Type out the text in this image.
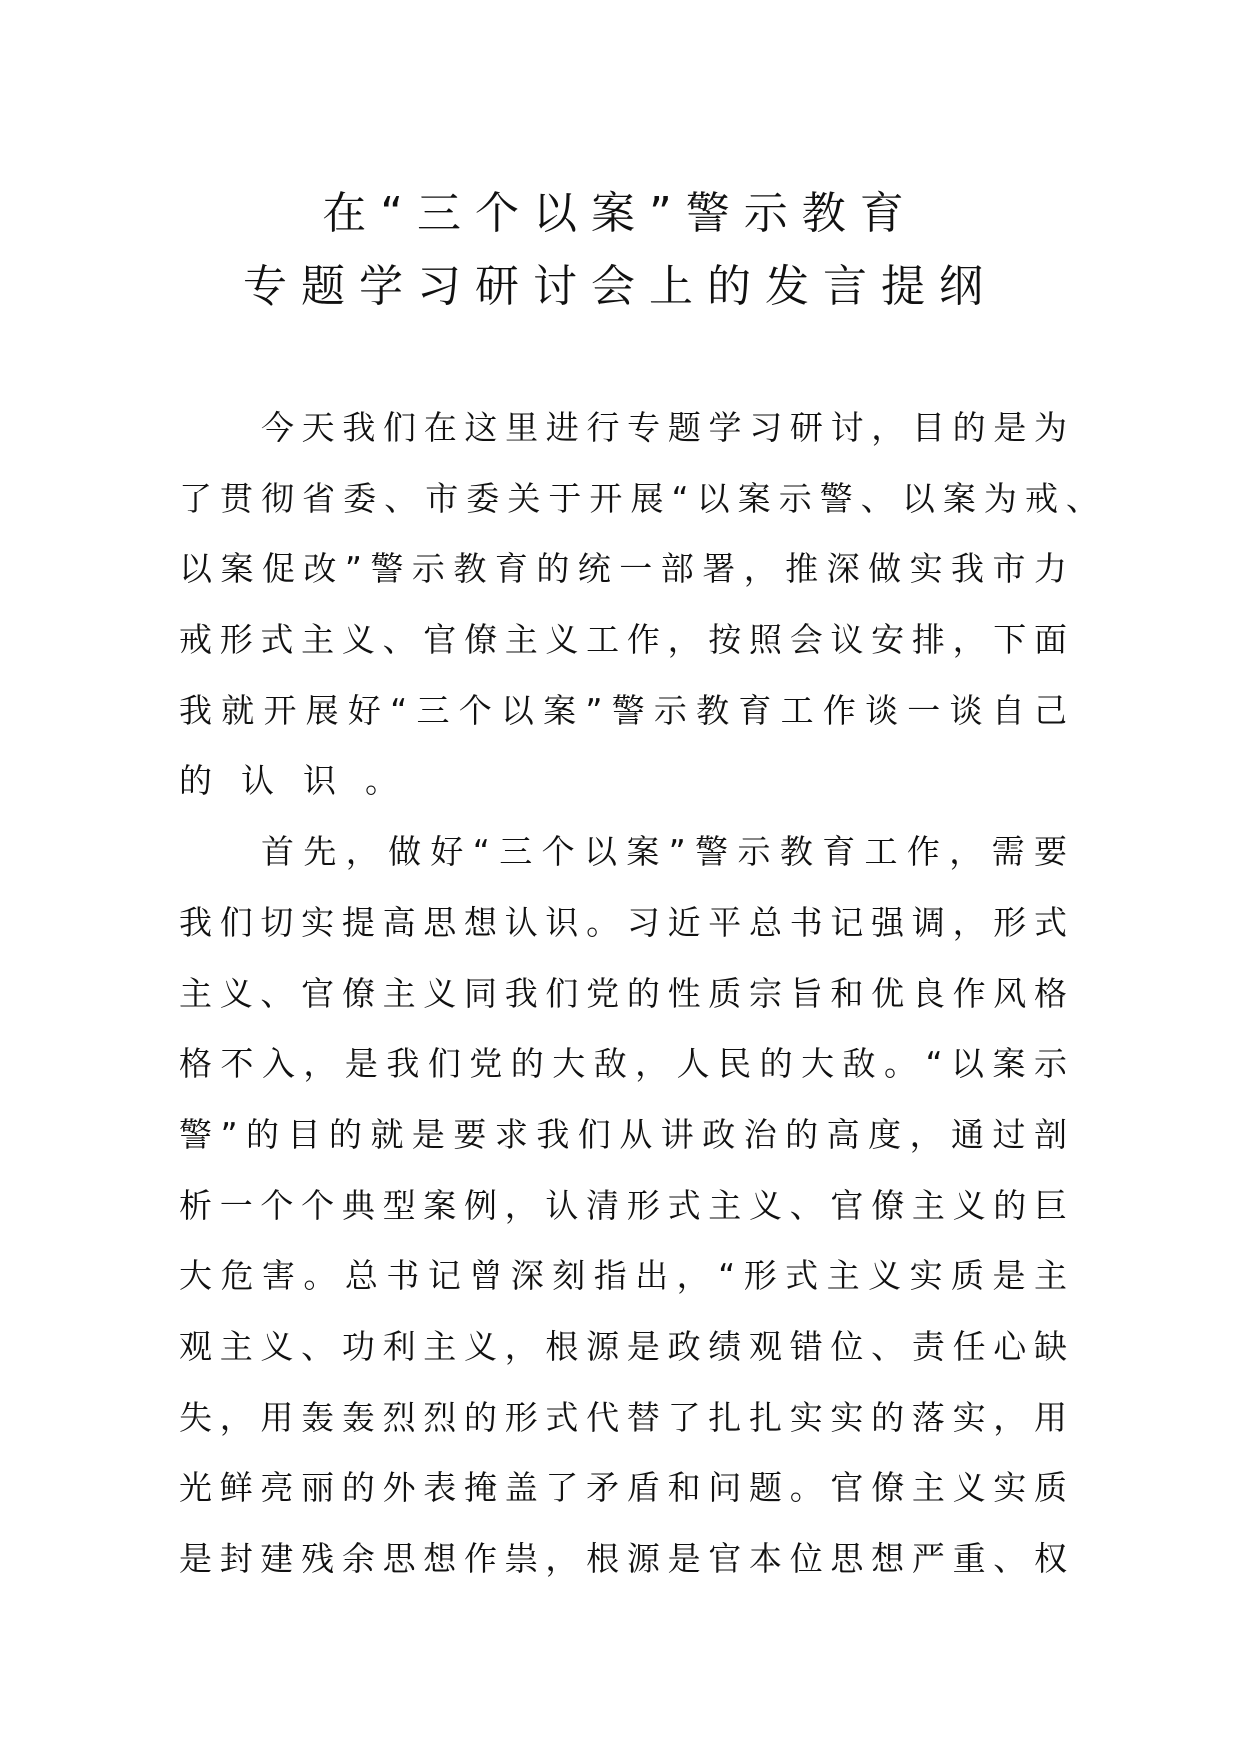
在“三个以案”警示教育
专题学习研讨会上的发言提纲
今天我们在这里进行专题学习研讨，目的是为
了贯彻省委、市委关于开展“以案示警、以案为戒、
以案促改”警示教育的统一部署，推深做实我市力
戒形式主义、官僚主义工作，按照会议安排，下面
我就开展好“三个以案”警示教育工作谈一谈自己
的认识。
首先，做好“三个以案”警示教育工作，需要
我们切实提高思想认识。习近平总书记强调，形式
主义、官僚主义同我们党的性质宗旨和优良作风格
格不入，是我们党的大敌，人民的大敌。“以案示
警”的目的就是要求我们从讲政治的高度，通过剖
析一个个典型案例，认清形式主义、官僚主义的巨
大危害。总书记曾深刻指出，“形式主义实质是主
观主义、功利主义，根源是政绩观错位、责任心缺
失，用轰轰烈烈的形式代替了扎扎实实的落实，用
光鲜亮丽的外表掩盖了矛盾和问题。官僚主义实质
是封建残余思想作祟，根源是官本位思想严重、权
